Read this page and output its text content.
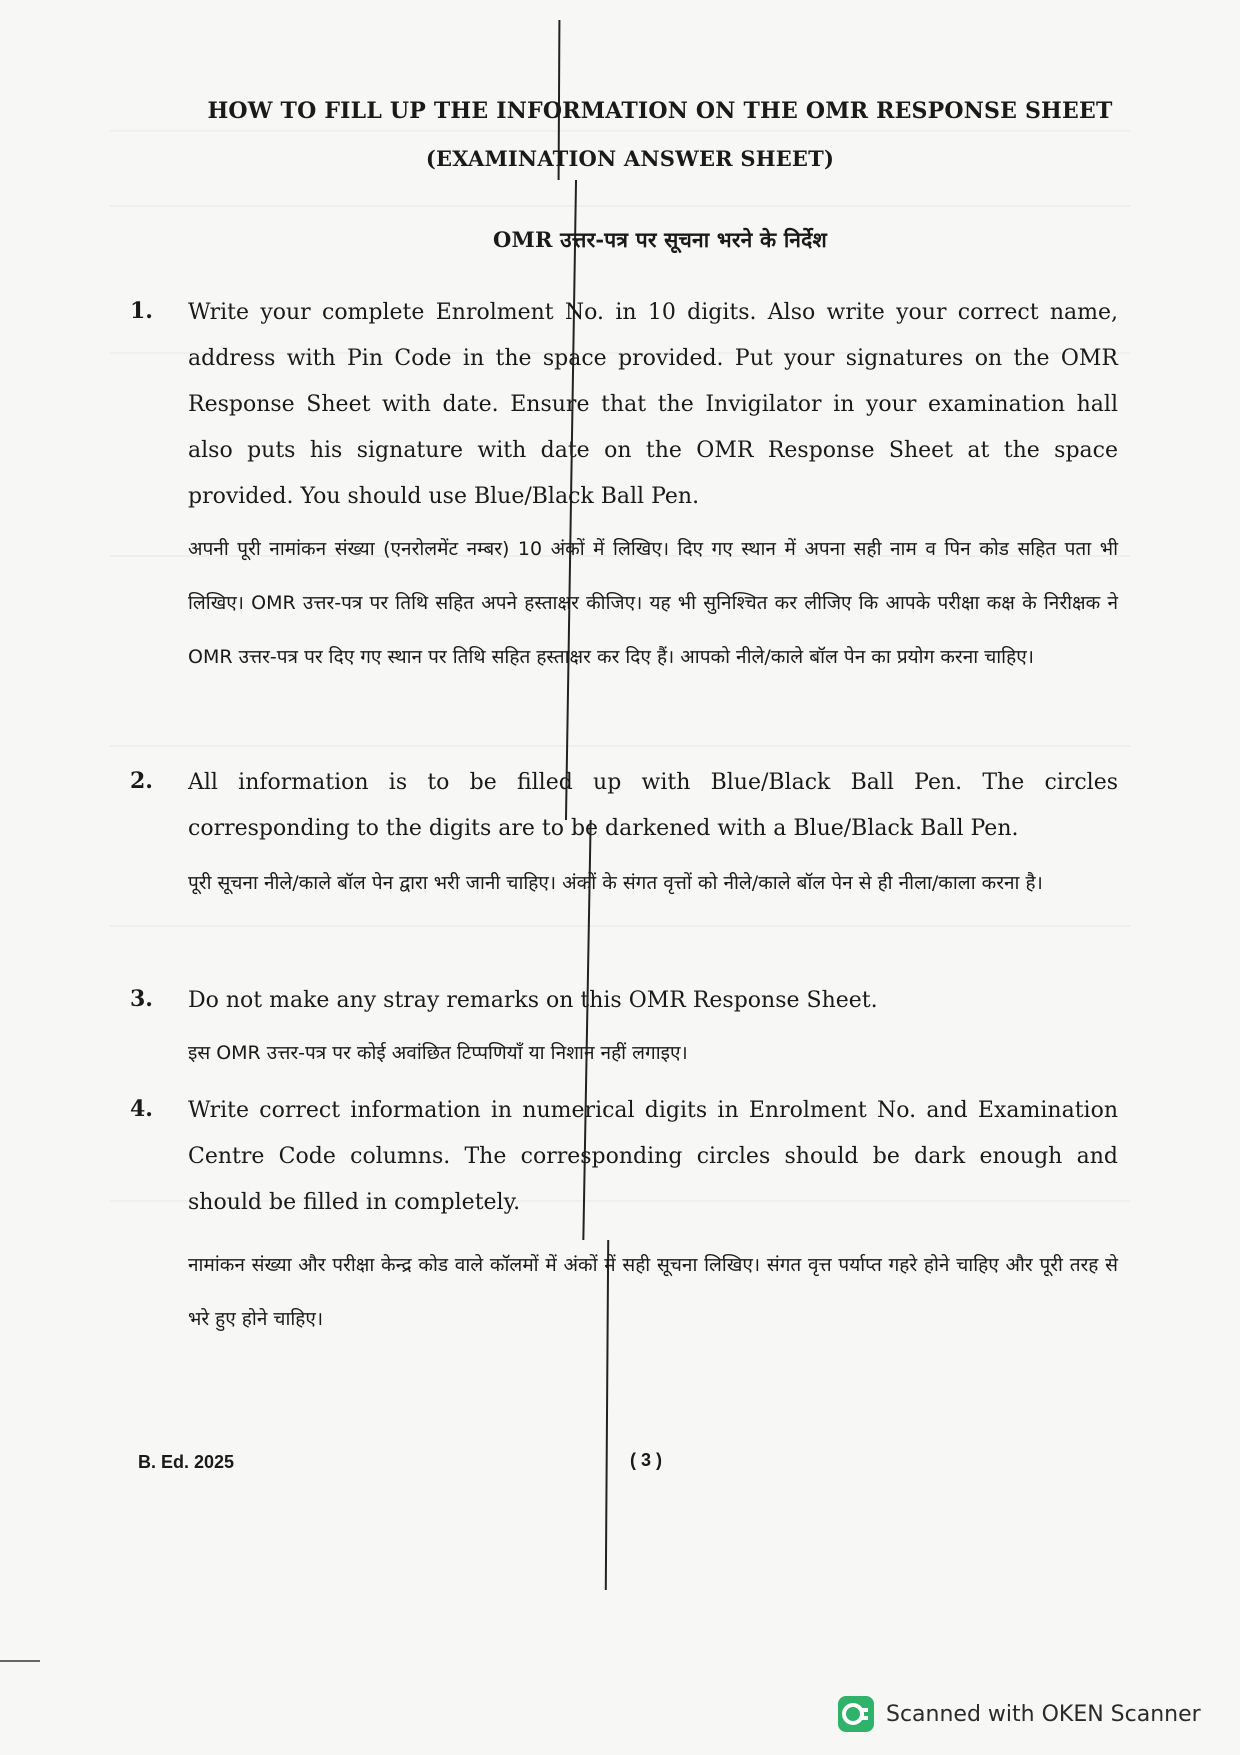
HOW TO FILL UP THE INFORMATION ON THE OMR RESPONSE SHEET
(EXAMINATION ANSWER SHEET)
OMR उत्तर-पत्र पर सूचना भरने के निर्देश
1. Write your complete Enrolment No. in 10 digits. Also write your correct name, address with Pin Code in the space provided. Put your signatures on the OMR Response Sheet with date. Ensure that the Invigilator in your examination hall also puts his signature with date on the OMR Response Sheet at the space provided. You should use Blue/Black Ball Pen.
अपनी पूरी नामांकन संख्या (एनरोलमेंट नम्बर) 10 अंकों में लिखिए। दिए गए स्थान में अपना सही नाम व पिन कोड सहित पता भी लिखिए। OMR उत्तर-पत्र पर तिथि सहित अपने हस्ताक्षर कीजिए। यह भी सुनिश्चित कर लीजिए कि आपके परीक्षा कक्ष के निरीक्षक ने OMR उत्तर-पत्र पर दिए गए स्थान पर तिथि सहित हस्ताक्षर कर दिए हैं। आपको नीले/काले बॉल पेन का प्रयोग करना चाहिए।
2. All information is to be filled up with Blue/Black Ball Pen. The circles corresponding to the digits are to be darkened with a Blue/Black Ball Pen.
पूरी सूचना नीले/काले बॉल पेन द्वारा भरी जानी चाहिए। अंकों के संगत वृत्तों को नीले/काले बॉल पेन से ही नीला/काला करना है।
3. Do not make any stray remarks on this OMR Response Sheet.
इस OMR उत्तर-पत्र पर कोई अवांछित टिप्पणियाँ या निशान नहीं लगाइए।
4. Write correct information in numerical digits in Enrolment No. and Examination Centre Code columns. The corresponding circles should be dark enough and should be filled in completely.
नामांकन संख्या और परीक्षा केन्द्र कोड वाले कॉलमों में अंकों में सही सूचना लिखिए। संगत वृत्त पर्याप्त गहरे होने चाहिए और पूरी तरह से भरे हुए होने चाहिए।
B. Ed. 2025	( 3 )
Scanned with OKEN Scanner
